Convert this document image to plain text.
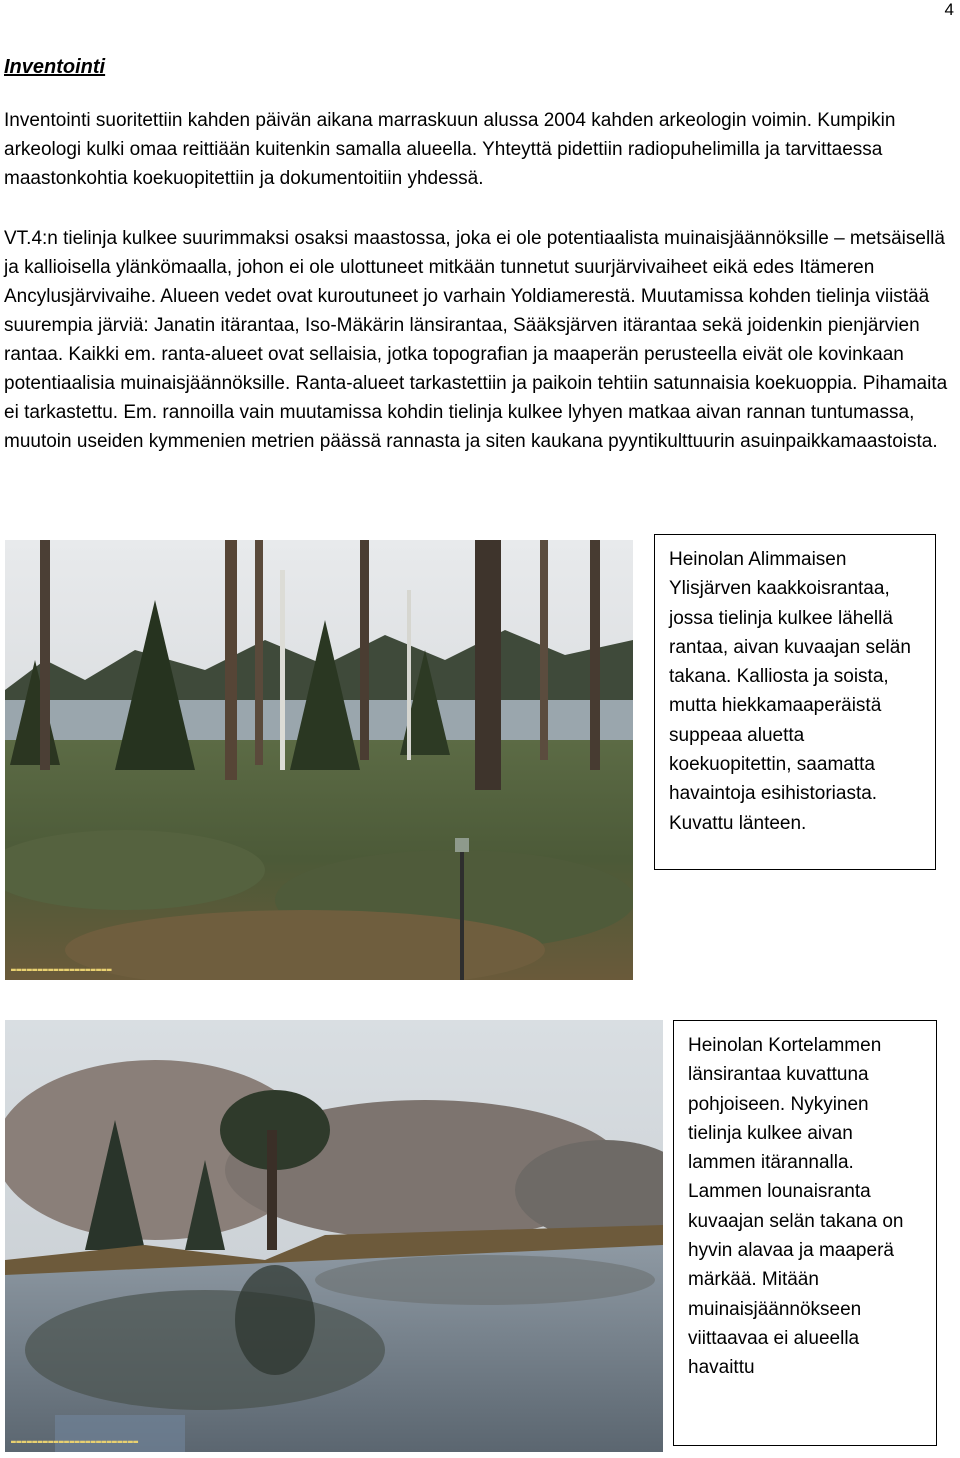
4
Inventointi

Inventointi suoritettiin kahden päivän aikana marraskuun alussa 2004 kahden arkeologin voimin. Kumpikin arkeologi kulki omaa reittiään kuitenkin samalla alueella. Yhteyttä pidettiin radiopuhelimilla ja tarvittaessa maastonkohtia koekuopitettiin ja dokumentoitiin yhdessä.

VT.4:n tielinja kulkee suurimmaksi osaksi maastossa, joka ei ole potentiaalista muinaisjäännöksille – metsäisellä ja kallioisella ylänkömaalla, johon ei ole ulottuneet mitkään tunnetut suurjärvivaiheet eikä edes Itämeren Ancylusjärvivaihe. Alueen vedet ovat kuroutuneet jo varhain Yoldiamerestä. Muutamissa kohden tielinja viistää suurempia järviä: Janatin itärantaa, Iso-Mäkärin länsirantaa, Sääksjärven itärantaa sekä joidenkin pienjärvien rantaa. Kaikki em. ranta-alueet ovat sellaisia, jotka topografian ja maaperän perusteella eivät ole kovinkaan potentiaalisia muinaisjäännöksille. Ranta-alueet tarkastettiin ja paikoin tehtiin satunnaisia koekuoppia. Pihamaita ei tarkastettu. Em. rannoilla vain muutamissa kohdin tielinja kulkee lyhyen matkaa aivan rannan tuntumassa, muutoin useiden kymmenien metrien päässä rannasta ja siten kaukana pyyntikulttuurin asuinpaikkamaastoista.

▬▬▬▬▬▬▬▬▬▬▬▬▬▬▬▬▬▬▬
Heinolan Alimmaisen Ylisjärven kaakkoisrantaa, jossa tielinja kulkee lähellä rantaa, aivan kuvaajan selän takana. Kalliosta ja soista, mutta hiekkamaaperäistä suppeaa aluetta koekuopitettin, saamatta havaintoja esihistoriasta. Kuvattu länteen.
▬▬▬▬▬▬▬▬▬▬▬▬▬▬▬▬▬▬▬▬▬▬▬▬
Heinolan Kortelammen länsirantaa kuvattuna pohjoiseen. Nykyinen tielinja kulkee aivan lammen itärannalla. Lammen lounaisranta kuvaajan selän takana on hyvin alavaa ja maaperä märkää. Mitään muinaisjäännökseen viittaavaa ei alueella havaittu
